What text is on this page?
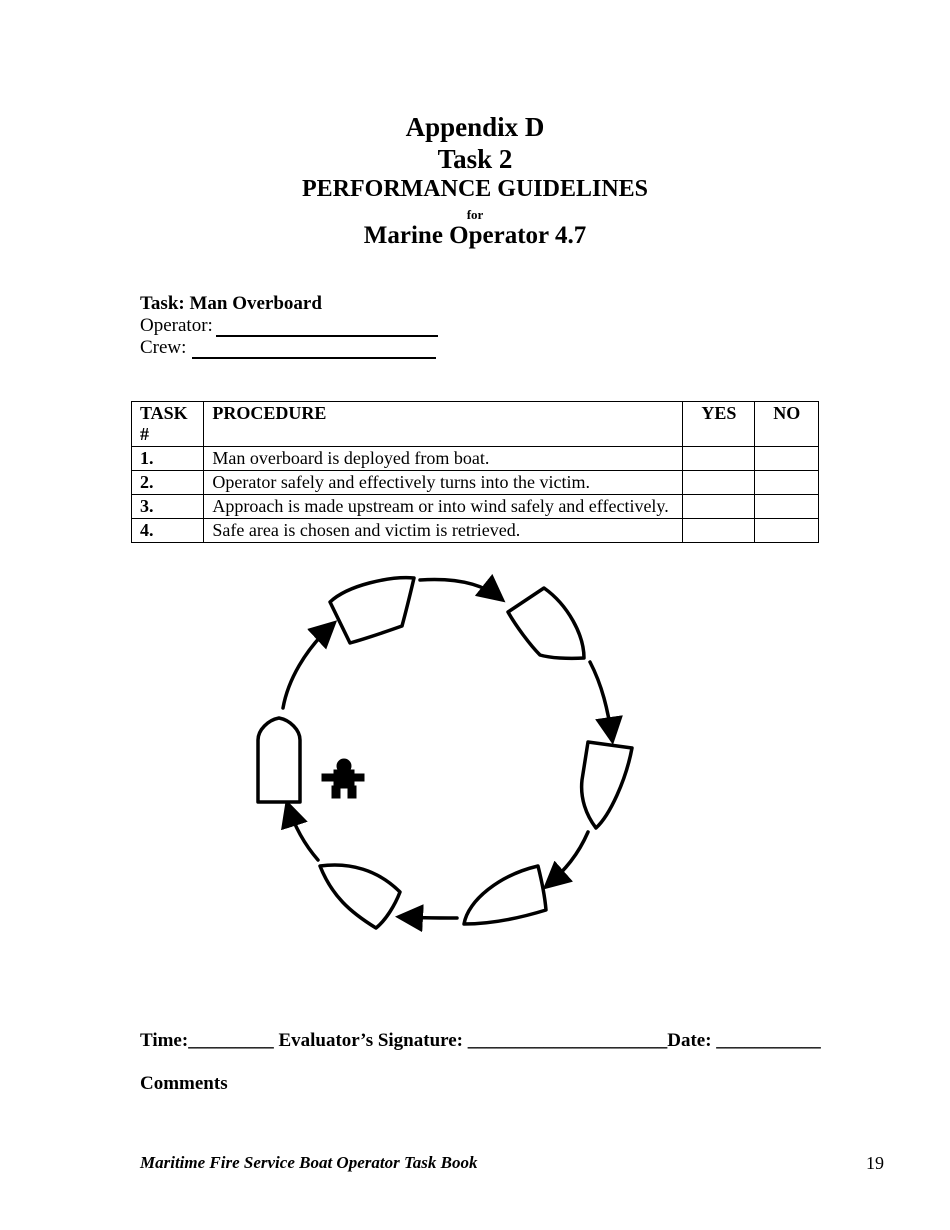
Appendix D
Task 2
PERFORMANCE GUIDELINES
for
Marine Operator 4.7
Task: Man Overboard
Operator:
Crew:
TASK
#	PROCEDURE	YES	NO
1.	Man overboard is deployed from boat.		
2.	Operator safely and effectively turns into the victim.		
3.	Approach is made upstream or into wind safely and effectively.		
4.	Safe area is chosen and victim is retrieved.		
Time:_________ Evaluator’s Signature: _____________________Date: ___________
Comments
Maritime Fire Service Boat Operator Task Book	19
